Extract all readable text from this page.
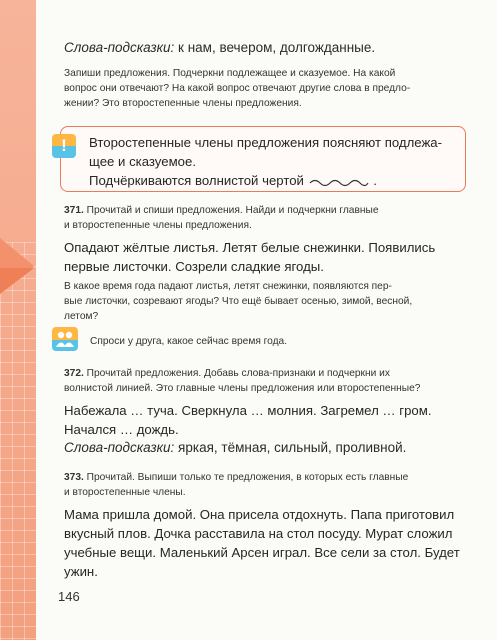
Слова-подсказки: к нам, вечером, долгожданные.
Запиши предложения. Подчеркни подлежащее и сказуемое. На какой
вопрос они отвечают? На какой вопрос отвечают другие слова в предло-
жении? Это второстепенные члены предложения.
Второстепенные члены предложения поясняют подлежа-
щее и сказуемое.
Подчёркиваются волнистой чертой	.
!
371. Прочитай и спиши предложения. Найди и подчеркни главные
и второстепенные члены предложения.
Опадают жёлтые листья. Летят белые снежинки. Появились
первые листочки. Созрели сладкие ягоды.
В какое время года падают листья, летят снежинки, появляются пер-
вые листочки, созревают ягоды? Что ещё бывает осенью, зимой, весной,
летом?
Спроси у друга, какое сейчас время года.
372. Прочитай предложения. Добавь слова-признаки и подчеркни их
волнистой линией. Это главные члены предложения или второстепенные?
Набежала … туча. Сверкнула … молния. Загремел … гром.
Начался … дождь.
Слова-подсказки: яркая, тёмная, сильный, проливной.
373. Прочитай. Выпиши только те предложения, в которых есть главные
и второстепенные члены.
Мама пришла домой. Она присела отдохнуть. Папа приготовил
вкусный плов. Дочка расставила на стол посуду. Мурат сложил
учебные вещи. Маленький Арсен играл. Все сели за стол. Будет
ужин.
146
